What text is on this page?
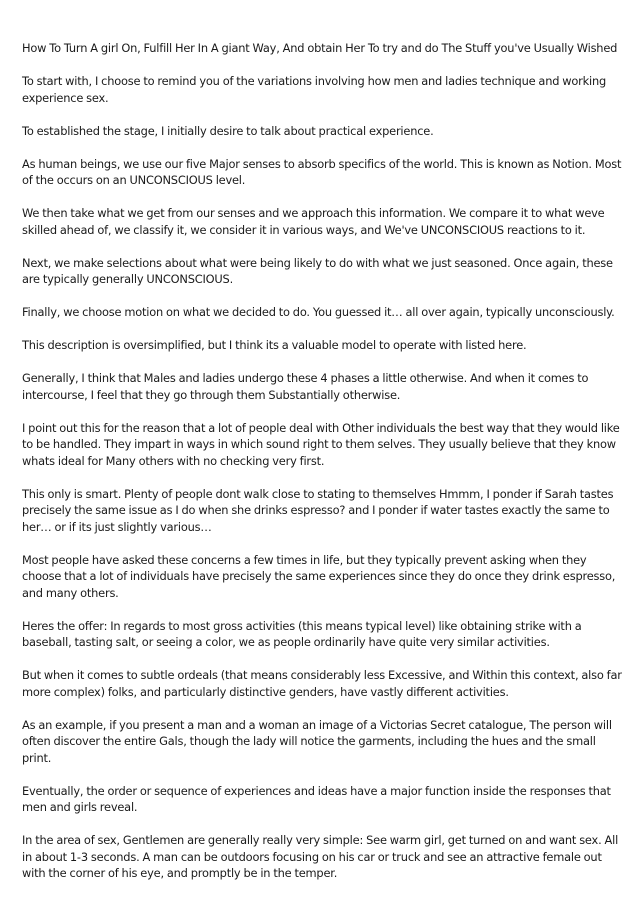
How To Turn A girl On, Fulfill Her In A giant Way, And obtain Her To try and do The Stuff you've Usually Wished

To start with, I choose to remind you of the variations involving how men and ladies technique and working experience sex.

To established the stage, I initially desire to talk about practical experience.

As human beings, we use our five Major senses to absorb specifics of the world. This is known as Notion. Most of the occurs on an UNCONSCIOUS level.

We then take what we get from our senses and we approach this information. We compare it to what weve skilled ahead of, we classify it, we consider it in various ways, and We've UNCONSCIOUS reactions to it.

Next, we make selections about what were being likely to do with what we just seasoned. Once again, these are typically generally UNCONSCIOUS.

Finally, we choose motion on what we decided to do. You guessed it… all over again, typically unconsciously.

This description is oversimplified, but I think its a valuable model to operate with listed here.

Generally, I think that Males and ladies undergo these 4 phases a little otherwise. And when it comes to intercourse, I feel that they go through them Substantially otherwise.

I point out this for the reason that a lot of people deal with Other individuals the best way that they would like to be handled. They impart in ways in which sound right to them selves. They usually believe that they know whats ideal for Many others with no checking very first.

This only is smart. Plenty of people dont walk close to stating to themselves Hmmm, I ponder if Sarah tastes precisely the same issue as I do when she drinks espresso? and I ponder if water tastes exactly the same to her… or if its just slightly various…

Most people have asked these concerns a few times in life, but they typically prevent asking when they choose that a lot of individuals have precisely the same experiences since they do once they drink espresso, and many others.

Heres the offer: In regards to most gross activities (this means typical level) like obtaining strike with a baseball, tasting salt, or seeing a color, we as people ordinarily have quite very similar activities.

But when it comes to subtle ordeals (that means considerably less Excessive, and Within this context, also far more complex) folks, and particularly distinctive genders, have vastly different activities.

As an example, if you present a man and a woman an image of a Victorias Secret catalogue, The person will often discover the entire Gals, though the lady will notice the garments, including the hues and the small print.

Eventually, the order or sequence of experiences and ideas have a major function inside the responses that men and girls reveal.

In the area of sex, Gentlemen are generally really very simple: See warm girl, get turned on and want sex. All in about 1-3 seconds. A man can be outdoors focusing on his car or truck and see an attractive female out with the corner of his eye, and promptly be in the temper.
